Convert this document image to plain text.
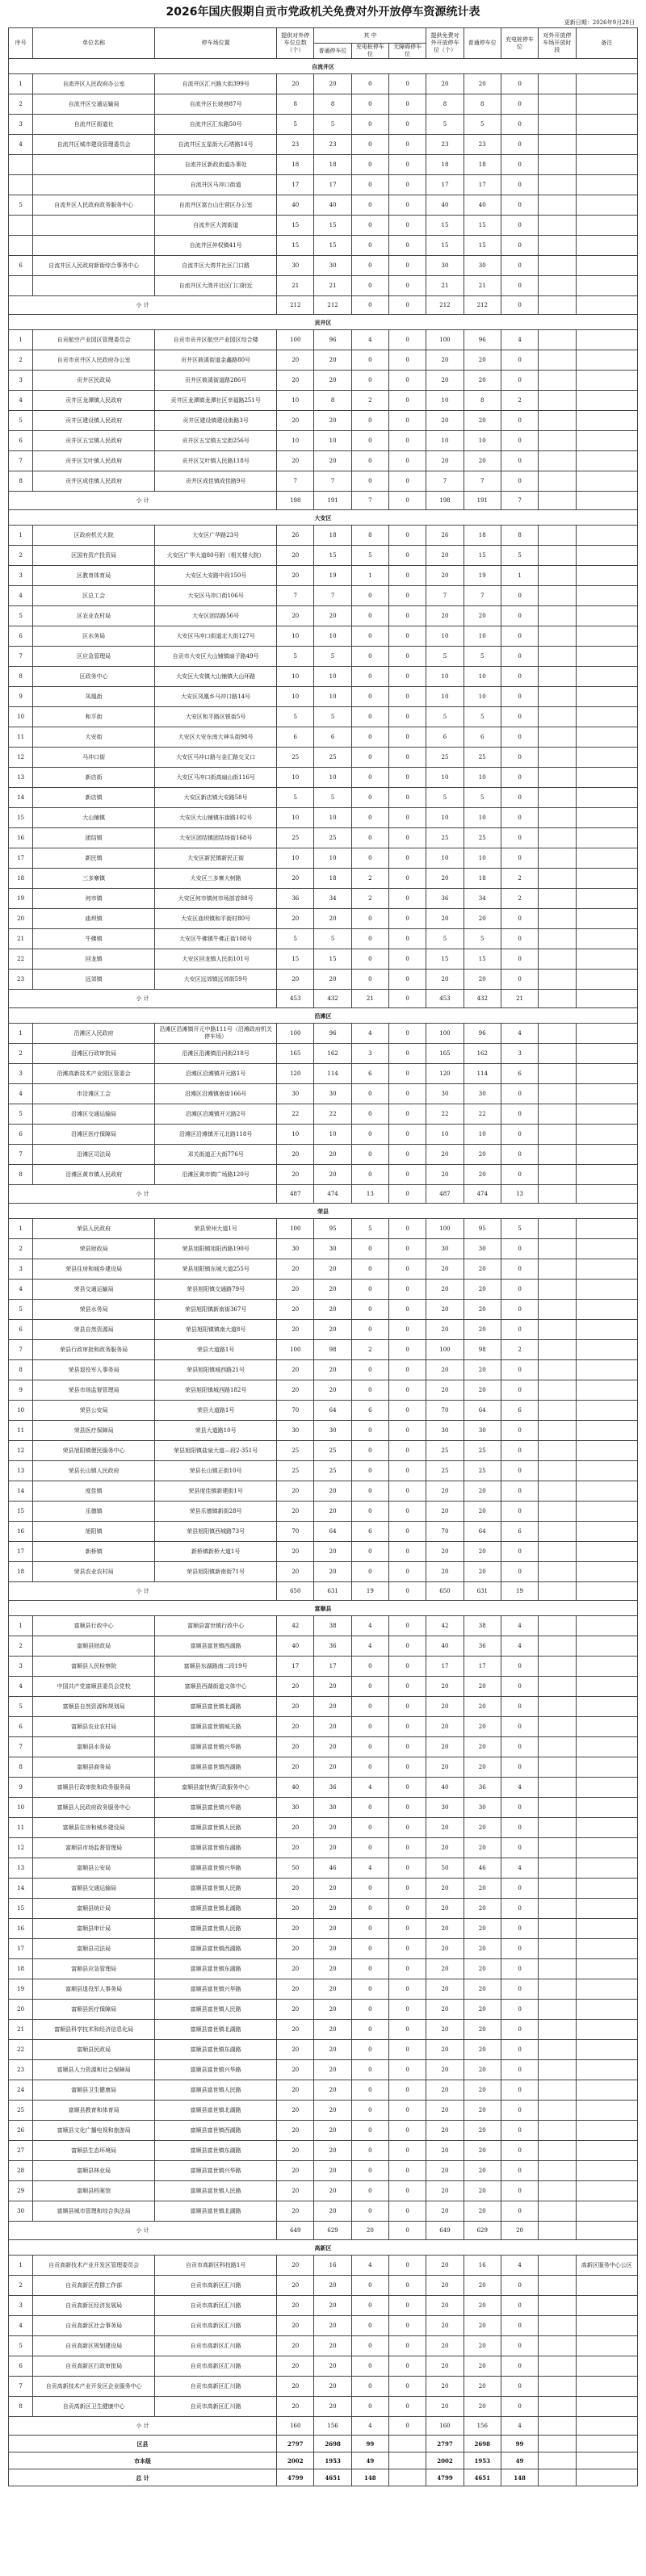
2026年国庆假期自贡市党政机关免费对外开放停车资源统计表
更新日期：2026年9月28日
序号	单位名称	停车场位置	提供对外停车位总数（个）	其 中			提供免费对外开放停车位（个）	普通停车位	充电桩停车位	对外开放停车场开放时段	备注
				普通停车位	充电桩停车位	无障碍停车位					
自流井区											
1	自流井区人民政府办公室	自流井区汇兴路大街399号	20	20	0	0	20	20	0		
2	自流井区交通运输局	自流井区长坡巷87号	8	8	0	0	8	8	0		
3	自流井区街道社	自流井区汇东路50号	5	5	0	0	5	5	0		
4	自流井区城市建设管理委员会	自流井区五星街大石塔路16号	23	23	0	0	23	23	0		
		自流井区新政街道办事处	18	18	0	0	18	18	0		
		自流井区马冲口街道	17	17	0	0	17	17	0		
5	自流井区人民政府政务服务中心	自流井区富台山庄营区办公室	40	40	0	0	40	40	0		
		自流井区大湾街道	15	15	0	0	15	15	0		
		自流井区仲权镇41号	15	15	0	0	15	15	0		
6	自流井区人民政府新街综合事务中心	自流井区大湾井社区门口路	30	30	0	0	30	30	0		
		自流井区大湾井社区门口附近	21	21	0	0	21	21	0		
小 计			212	212	0	0	212	212	0		
贡井区											
1	自贡航空产业园区管理委员会	自贡市贡井区航空产业园区综合楼	100	96	4	0	100	96	4		
2	自贡市贡井区人民政府办公室	贡井区筱溪街道金鑫路80号	20	20	0	0	20	20	0		
3	贡井区民政局	贡井区筱溪街道路286号	20	20	0	0	20	20	0		
4	贡井区龙潭镇人民政府	贡井区龙潭镇龙潭社区幸福路251号	10	8	2	0	10	8	2		
5	贡井区建设镇人民政府	贡井区建设镇建设街路3号	20	20	0	0	20	20	0		
6	贡井区五宝镇人民政府	贡井区五宝镇五宝街256号	10	10	0	0	10	10	0		
7	贡井区艾叶镇人民政府	贡井区艾叶镇人民路118号	20	20	0	0	20	20	0		
8	贡井区成佳镇人民政府	贡井区成佳镇成佳路9号	7	7	0	0	7	7	0		
小 计			198	191	7	0	198	191	7		
大安区											
1	区政府机关大院	大安区广华路23号	26	18	8	0	26	18	8		
2	区国有资产投资局	大安区广华大道80号附（相关楼大院）	20	15	5	0	20	15	5		
3	区教育体育局	大安区大安路中段150号	20	19	1	0	20	19	1		
4	区总工会	大安区马冲口街106号	7	7	0	0	7	7	0		
5	区农业农村局	大安区团结路56号	20	20	0	0	20	20	0		
6	区水务局	大安区马冲口街道北大街127号	10	10	0	0	10	10	0		
7	区应急管理局	自贡市大安区大山铺镇扇子路49号	5	5	0	0	5	5	0		
8	区政务中心	大安区大安镇大山铺镇大山环路	10	10	0	0	10	10	0		
9	凤凰街	大安区凤凰乡马冲口路14号	10	10	0	0	10	10	0		
10	和平街	大安区和平路区银街5号	5	5	0	0	5	5	0		
11	大安街	大安区大安东南大神头街98号	6	6	0	0	6	6	0		
12	马冲口街	大安区马冲口路与金汇路交叉口	25	25	0	0	25	25	0		
13	新店街	大安区马冲口街高扇山街116号	10	10	0	0	10	10	0		
14	新店镇	大安区新店镇大安路58号	5	5	0	0	5	5	0		
15	大山铺镇	大安区大山铺镇东街路102号	10	10	0	0	10	10	0		
16	团结镇	大安区团结镇团结场街168号	25	25	0	0	25	25	0		
17	新民镇	大安区新民镇新民正街	10	10	0	0	10	10	0		
18	三多寨镇	大安区三多寨大树路	20	18	2	0	20	18	2		
19	何市镇	大安区何市镇何市场部首88号	36	34	2	0	36	34	2		
20	庙坝镇	大安区庙坝镇和平街村80号	20	20	0	0	20	20	0		
21	牛佛镇	大安区牛佛镇牛佛正街108号	5	5	0	0	5	5	0		
22	回龙镇	大安区回龙镇人民街101号	15	15	0	0	15	15	0		
23	远郊镇	大安区远郊镇远郊街59号	20	20	0	0	20	20	0		
小 计			453	432	21	0	453	432	21		
沿滩区											
1	沿滩区人民政府	沿滩区沿滩镇开元中路111号（沿滩政府机关停车场）	100	96	4	0	100	96	4		
2	沿滩区行政审批局	沿滩区沿滩镇沿河街218号	165	162	3	0	165	162	3		
3	沿滩高新技术产业园区管委会	沿滩区沿滩镇开元路1号	120	114	6	0	120	114	6		
4	市沿滩区工会	沿滩区沿滩镇南街166号	30	30	0	0	30	30	0		
5	沿滩区交通运输局	沿滩区沿滩镇开元路2号	22	22	0	0	22	22	0		
6	沿滩区医疗保障局	沿滩区沿滩镇开元北路118号	10	10	0	0	10	10	0		
7	沿滩区司法局	邓关街道正大街776号	20	20	0	0	20	20	0		
8	沿滩区黄市镇人民政府	沿滩区黄市镇广场路120号	20	20	0	0	20	20	0		
小 计			487	474	13	0	487	474	13		
荣县											
1	荣县人民政府	荣县荣州大道1号	100	95	5	0	100	95	5		
2	荣县财政局	荣县旭阳镇旭阳西路190号	30	30	0	0	30	30	0		
3	荣县住房和城乡建设局	荣县旭阳镇东城大道255号	20	20	0	0	20	20	0		
4	荣县交通运输局	荣县旭阳镇交通路79号	20	20	0	0	20	20	0		
5	荣县水务局	荣县旭阳镇新南街367号	20	20	0	0	20	20	0		
6	荣县自然资源局	荣县旭阳镇镇南大道8号	20	20	0	0	20	20	0		
7	荣县行政审批和政务服务局	荣县大道路1号	100	98	2	0	100	98	2		
8	荣县退役军人事务局	荣县旭阳镇城西路21号	20	20	0	0	20	20	0		
9	荣县市场监督管理局	荣县旭阳镇城西路182号	20	20	0	0	20	20	0		
10	荣县公安局	荣县大道路1号	70	64	6	0	70	64	6		
11	荣县医疗保障局	荣县大道路10号	30	30	0	0	30	30	0		
12	荣县旭阳镇便民服务中心	荣县旭阳镇盐泉大道—段2-351号	25	25	0	0	25	25	0		
13	荣县长山镇人民政府	荣县长山镇正街10号	25	25	0	0	25	25	0		
14	度佳镇	荣县度佳镇新建街1号	20	20	0	0	20	20	0		
15	乐德镇	荣县乐德镇新街28号	20	20	0	0	20	20	0		
16	旭阳镇	荣县旭阳镇西城路73号	70	64	6	0	70	64	6		
17	新桥镇	新桥镇新桥大道1号	20	20	0	0	20	20	0		
18	荣县农业农村局	荣县旭阳镇新南街71号	20	20	0	0	20	20	0		
小 计			650	631	19	0	650	631	19		
富顺县											
1	富顺县行政中心	富顺县富世镇行政中心	42	38	4	0	42	38	4		
2	富顺县财政局	富顺县富世镇西湖路	40	36	4	0	40	36	4		
3	富顺县人民检察院	富顺县东湖路南二段19号	17	17	0	0	17	17	0		
4	中国共产党富顺县委员会党校	富顺县西湖街道文体中心	20	20	0	0	20	20	0		
5	富顺县自然资源和规划局	富顺县富世镇北湖路	20	20	0	0	20	20	0		
6	富顺县农业农村局	富顺县富世镇城关路	20	20	0	0	20	20	0		
7	富顺县水务局	富顺县富世镇兴华路	20	20	0	0	20	20	0		
8	富顺县商务局	富顺县富世镇西湖路	20	20	0	0	20	20	0		
9	富顺县行政审批和政务服务局	富顺县富世镇行政服务中心	40	36	4	0	40	36	4		
10	富顺县人民政府政务服务中心	富顺县富世镇兴华路	30	30	0	0	30	30	0		
11	富顺县住房和城乡建设局	富顺县富世镇人民路	20	20	0	0	20	20	0		
12	富顺县市场监督管理局	富顺县富世镇东湖路	20	20	0	0	20	20	0		
13	富顺县公安局	富顺县富世镇兴华路	50	46	4	0	50	46	4		
14	富顺县交通运输局	富顺县富世镇人民路	20	20	0	0	20	20	0		
15	富顺县统计局	富顺县富世镇北湖路	20	20	0	0	20	20	0		
16	富顺县审计局	富顺县富世镇人民路	20	20	0	0	20	20	0		
17	富顺县司法局	富顺县富世镇西湖路	20	20	0	0	20	20	0		
18	富顺县应急管理局	富顺县富世镇东湖路	20	20	0	0	20	20	0		
19	富顺县退役军人事务局	富顺县富世镇兴华路	20	20	0	0	20	20	0		
20	富顺县医疗保障局	富顺县富世镇人民路	20	20	0	0	20	20	0		
21	富顺县科学技术和经济信息化局	富顺县富世镇北湖路	20	20	0	0	20	20	0		
22	富顺县民政局	富顺县富世镇东湖路	20	20	0	0	20	20	0		
23	富顺县人力资源和社会保障局	富顺县富世镇兴华路	20	20	0	0	20	20	0		
24	富顺县卫生健康局	富顺县富世镇人民路	20	20	0	0	20	20	0		
25	富顺县教育和体育局	富顺县富世镇北湖路	20	20	0	0	20	20	0		
26	富顺县文化广播电视和旅游局	富顺县富世镇西湖路	20	20	0	0	20	20	0		
27	富顺县生态环境局	富顺县富世镇东湖路	20	20	0	0	20	20	0		
28	富顺县林业局	富顺县富世镇兴华路	20	20	0	0	20	20	0		
29	富顺县档案馆	富顺县富世镇人民路	20	20	0	0	20	20	0		
30	富顺县城市管理和综合执法局	富顺县富世镇北湖路	20	20	0	0	20	20	0		
小 计			649	629	20	0	649	629	20		
高新区											
1	自贡高新技术产业开发区管理委员会	自贡市高新区科技路1号	20	16	4	0	20	16	4		高新区服务中心公区
2	自贡高新区党群工作部	自贡市高新区汇川路	20	20	0	0	20	20	0		
3	自贡高新区经济发展局	自贡市高新区汇川路	20	20	0	0	20	20	0		
4	自贡高新区社会事务局	自贡市高新区汇川路	20	20	0	0	20	20	0		
5	自贡高新区规划建设局	自贡市高新区汇川路	20	20	0	0	20	20	0		
6	自贡高新区行政审批局	自贡市高新区汇川路	20	20	0	0	20	20	0		
7	自贡高新技术产业开发区企业服务中心	自贡市高新区汇川路	20	20	0	0	20	20	0		
8	自贡高新区卫生健康中心	自贡市高新区汇川路	20	20	0	0	20	20	0		
小 计			160	156	4	0	160	156	4		
区县			2797	2698	99		2797	2698	99		
市本级			2002	1953	49		2002	1953	49		
总 计			4799	4651	148		4799	4651	148		
